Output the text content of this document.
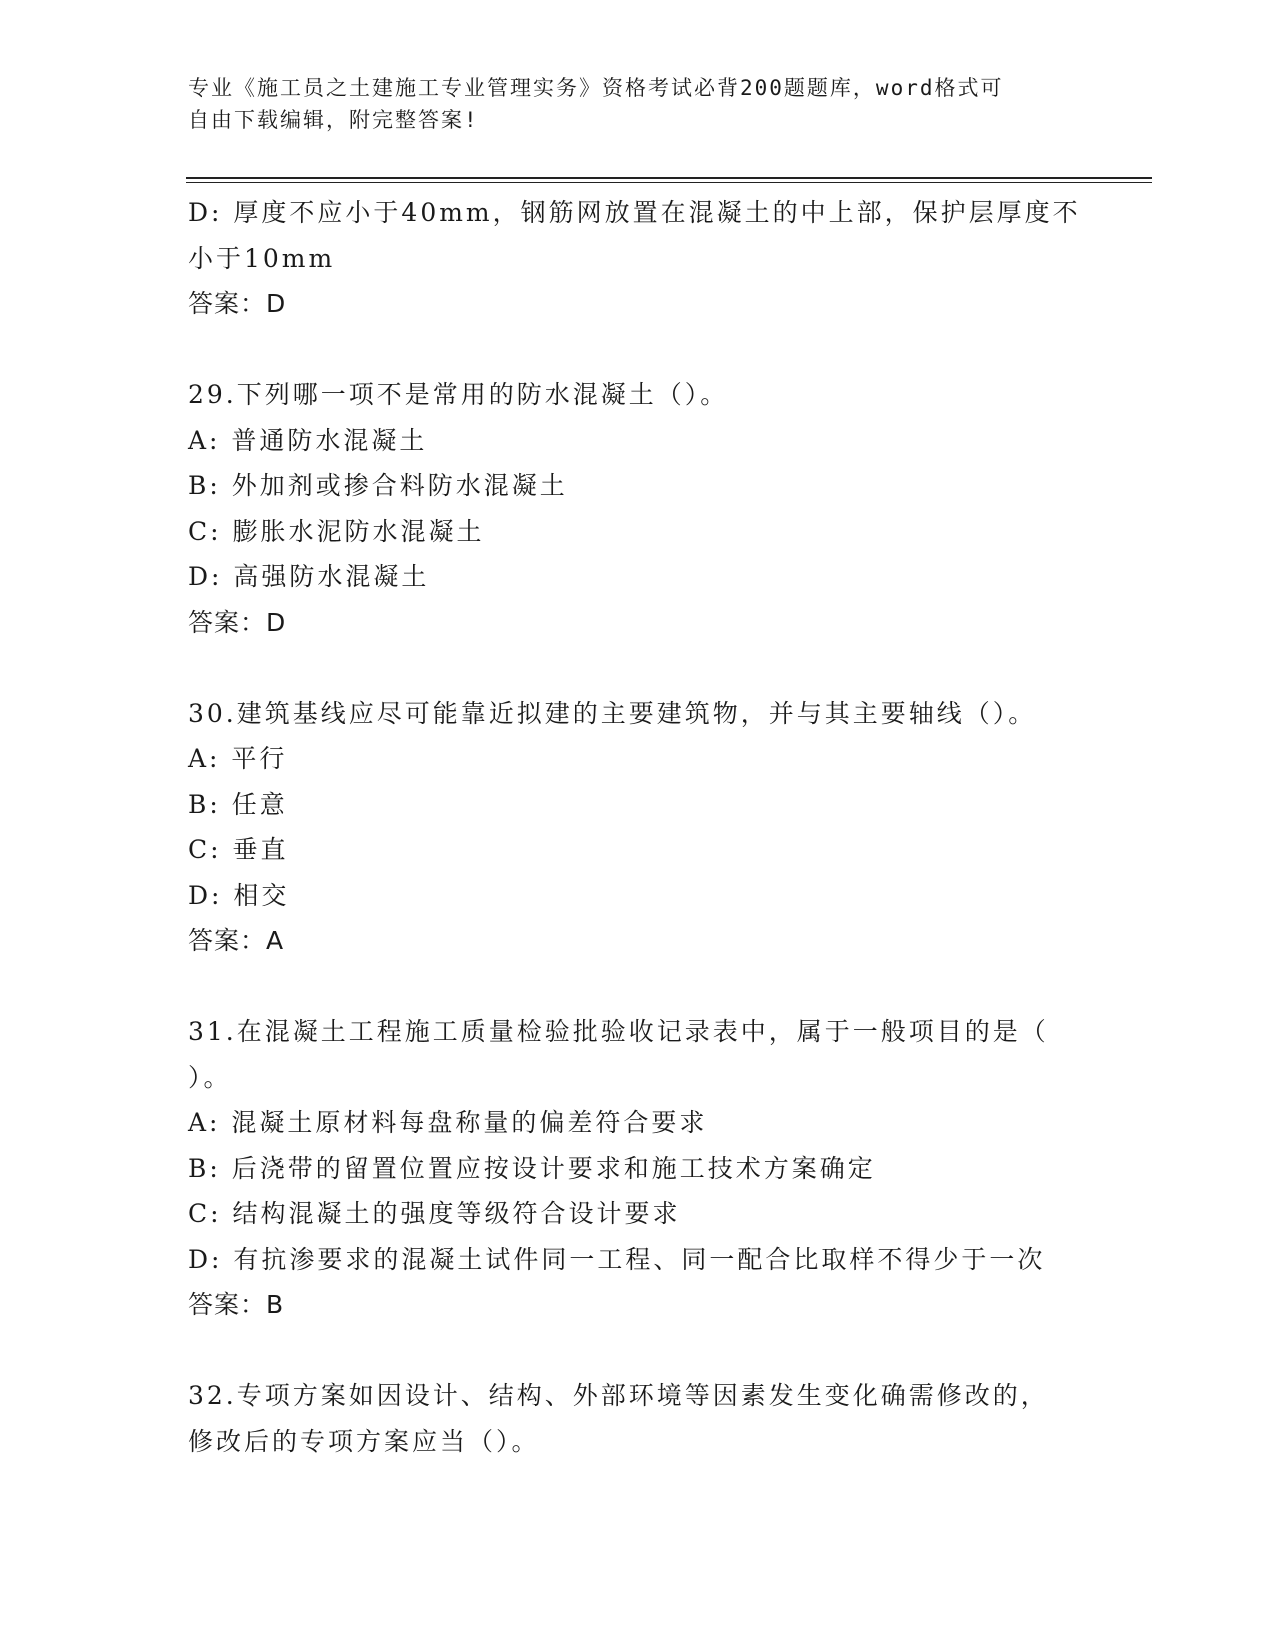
专业《施工员之土建施工专业管理实务》资格考试必背200题题库，word格式可
自由下载编辑，附完整答案!

D: 厚度不应小于40mm，钢筋网放置在混凝土的中上部，保护层厚度不

小于10mm

答案：D

29.下列哪一项不是常用的防水混凝土（）。

A: 普通防水混凝土

B: 外加剂或掺合料防水混凝土

C: 膨胀水泥防水混凝土

D: 高强防水混凝土

答案：D

30.建筑基线应尽可能靠近拟建的主要建筑物，并与其主要轴线（）。

A: 平行

B: 任意

C: 垂直

D: 相交

答案：A

31.在混凝土工程施工质量检验批验收记录表中，属于一般项目的是（

）。

A: 混凝土原材料每盘称量的偏差符合要求

B: 后浇带的留置位置应按设计要求和施工技术方案确定

C: 结构混凝土的强度等级符合设计要求

D: 有抗渗要求的混凝土试件同一工程、同一配合比取样不得少于一次

答案：B

32.专项方案如因设计、结构、外部环境等因素发生变化确需修改的，

修改后的专项方案应当（）。
